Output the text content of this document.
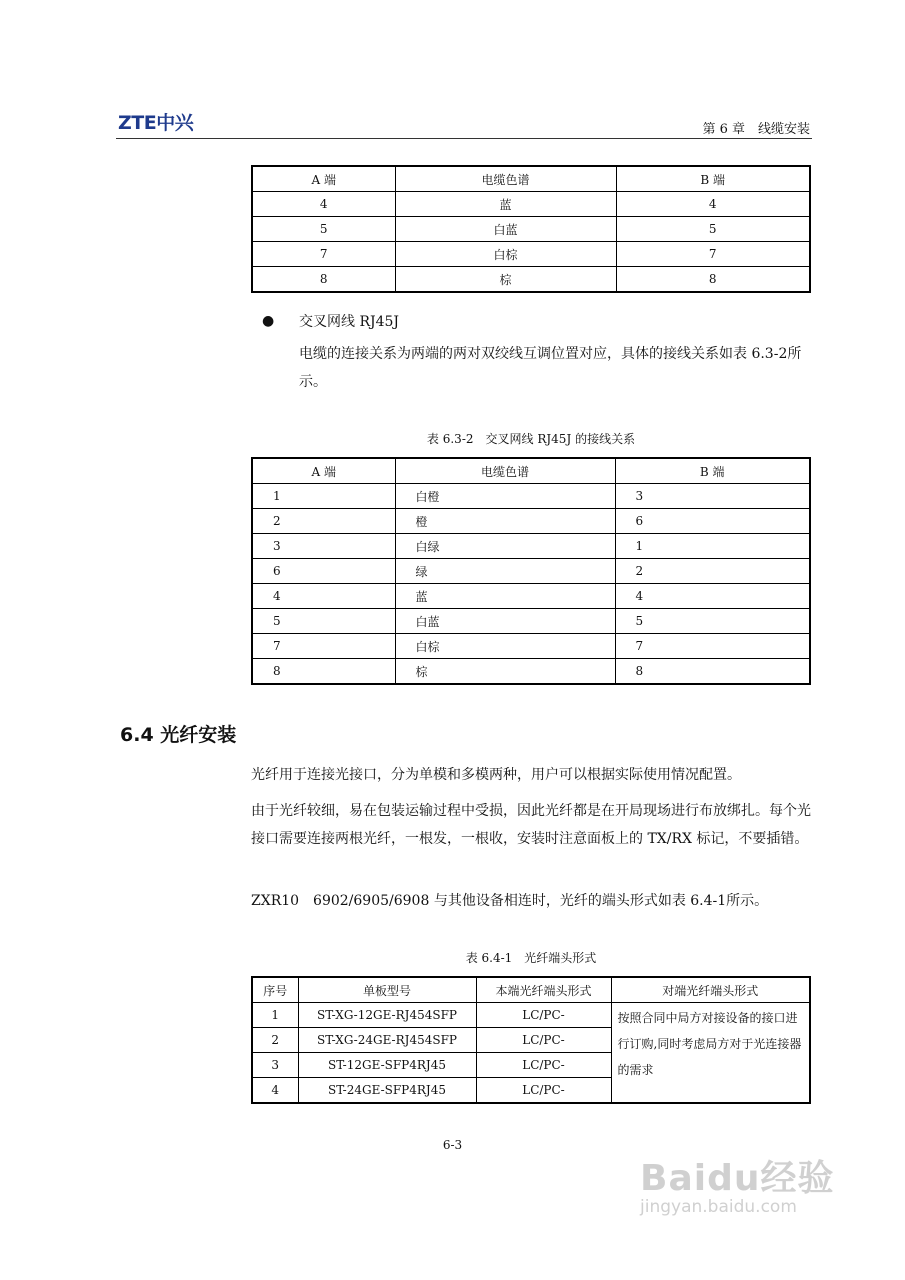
ZTE中兴	第 6 章　线缆安装
A 端	电缆色谱	B 端
4	蓝	4
5	白蓝	5
7	白棕	7
8	棕	8
● 交叉网线 RJ45J
电缆的连接关系为两端的两对双绞线互调位置对应，具体的接线关系如表 6.3-2所示。
表 6.3-2　交叉网线 RJ45J 的接线关系
A 端	电缆色谱	B 端
1	白橙	3
2	橙	6
3	白绿	1
6	绿	2
4	蓝	4
5	白蓝	5
7	白棕	7
8	棕	8
6.4 光纤安装
光纤用于连接光接口，分为单模和多模两种，用户可以根据实际使用情况配置。
由于光纤较细，易在包装运输过程中受损，因此光纤都是在开局现场进行布放绑扎。每个光接口需要连接两根光纤，一根发，一根收，安装时注意面板上的 TX/RX 标记，不要插错。
ZXR10　6902/6905/6908 与其他设备相连时，光纤的端头形式如表 6.4-1所示。
表 6.4-1　光纤端头形式
序号	单板型号	本端光纤端头形式	对端光纤端头形式
1	ST-XG-12GE-RJ454SFP	LC/PC-	按照合同中局方对接设备的接口进行订购,同时考虑局方对于光连接器的需求
2	ST-XG-24GE-RJ454SFP	LC/PC-	
3	ST-12GE-SFP4RJ45	LC/PC-	
4	ST-24GE-SFP4RJ45	LC/PC-	
6-3
Baidu经验
jingyan.baidu.com
